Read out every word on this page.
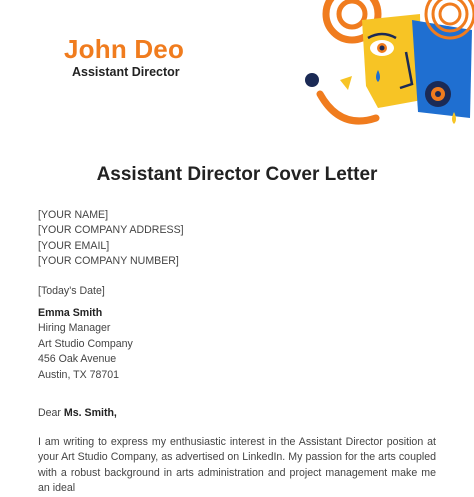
John Deo
Assistant Director
Assistant Director Cover Letter
[YOUR NAME]
[YOUR COMPANY ADDRESS]
[YOUR EMAIL]
[YOUR COMPANY NUMBER]
[Today's Date]
Emma Smith
Hiring Manager
Art Studio Company
456 Oak Avenue
Austin, TX 78701
Dear Ms. Smith,

I am writing to express my enthusiastic interest in the Assistant Director position at your Art Studio Company, as advertised on LinkedIn. My passion for the arts coupled with a robust background in arts administration and project management make me an ideal
